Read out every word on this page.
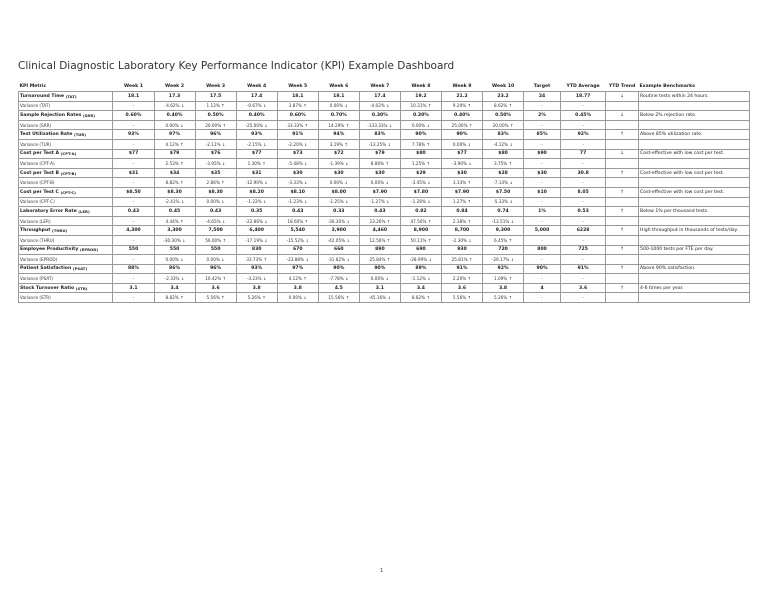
Clinical Diagnostic Laboratory Key Performance Indicator (KPI) Example Dashboard
KPI Metric	Week 1	Week 2	Week 3	Week 4	Week 5	Week 6	Week 7	Week 8	Week 9	Week 10	Target	YTD Average	YTD Trend	Example Benchmarks
Turnaround Time $^{(TAT)}$	18.1	17.3	17.5	17.4	18.1	18.1	17.4	19.2	21.2	23.2	24	18.77	↓	Routine tests within 24 hours.
Variance (TAT)	-	-4.62% ↓	1.12% ↑	-0.67% ↓	3.87% ↑	0.00% ↓	-4.02% ↓	10.31% ↑	9.29% ↑	8.62% ↑	-	-		
Sample Rejection Rates $^{(SRR)}$	0.60%	0.40%	0.50%	0.40%	0.60%	0.70%	0.30%	0.30%	0.40%	0.50%	2%	0.45%	↓	Below 2% rejection rate.
Variance (SRR)	-	0.00% ↓	20.00% ↑	-25.00% ↓	33.33% ↑	14.29% ↑	-133.33% ↓	0.00% ↓	25.00% ↑	20.00% ↑	-	-		
Test Utilization Rate $^{(TUR)}$	93%	97%	96%	93%	91%	94%	83%	90%	90%	83%	85%	92%	↑	Above 85% utilization rate.
Variance (TUR)	-	4.12% ↑	-2.11% ↓	-2.15% ↓	-2.20% ↓	3.19% ↑	-13.25% ↓	7.78% ↑	0.00% ↓	-4.12% ↓	-	-		
Cost per Test A $^{(CPT-A)}$	$77	$79	$76	$77	$73	$72	$79	$80	$77	$80	$90	77	↓	Cost-effective with low cost per test.
Variance (CPT-A)	-	2.53% ↑	-3.95% ↓	1.30% ↑	-5.48% ↓	-1.39% ↓	8.86% ↑	1.25% ↑	-3.90% ↓	3.75% ↑	-	-		
Cost per Test B $^{(CPT-B)}$	$31	$34	$35	$31	$30	$30	$30	$29	$30	$28	$30	30.8	↑	Cost-effective with low cost per test.
Variance (CPT-B)	-	8.82% ↑	2.86% ↑	-12.90% ↓	-3.33% ↓	0.00% ↓	0.00% ↓	-3.45% ↓	3.33% ↑	-7.14% ↓	-	-		
Cost per Test C $^{(CPT-C)}$	$8.50	$8.30	$8.30	$8.20	$8.10	$8.00	$7.90	$7.80	$7.90	$7.50	$10	8.05	↑	Cost-effective with low cost per test.
Variance (CPT-C)	-	-2.41% ↓	0.00% ↓	-1.22% ↓	-1.23% ↓	-1.25% ↓	-1.27% ↓	-1.28% ↓	1.27% ↑	-5.33% ↓	-	-		
Laboratory Error Rate $^{(LER)}$	0.43	0.45	0.43	0.35	0.43	0.33	0.43	0.82	0.84	0.74	1%	0.53	↑	Below 1% per thousand tests.
Variance (LER)	-	4.44% ↑	-4.65% ↓	-22.86% ↓	18.60% ↑	-30.30% ↓	23.26% ↑	47.56% ↑	2.38% ↑	-13.51% ↓	-	-		
Throughput $^{(THRU)}$	4,300	3,300	7,500	6,400	5,540	3,900	4,460	8,900	8,700	9,300	5,000	6228	↑	High throughput in thousands of tests/day.
Variance (THRU)	-	-30.30% ↓	56.00% ↑	-17.19% ↓	-15.52% ↓	-42.05% ↓	12.56% ↑	50.11% ↑	-2.30% ↓	6.45% ↑	-	-		
Employee Productivity $^{(EPROD)}$	550	550	550	830	670	660	890	690	930	720	800	725	↑	500-1000 tests per FTE per day.
Variance (EPROD)	-	0.00% ↓	0.00% ↓	33.73% ↑	-23.88% ↓	-31.82% ↓	25.84% ↑	-28.99% ↓	25.81% ↑	-29.17% ↓	-	-		
Patient Satisfaction $^{(PSAT)}$	88%	86%	96%	93%	97%	90%	90%	89%	91%	92%	90%	91%	↑	Above 90% satisfaction.
Variance (PSAT)	-	-2.33% ↓	10.42% ↑	-3.23% ↓	4.12% ↑	-7.78% ↓	0.00% ↓	-1.12% ↓	2.20% ↑	1.09% ↑	-	-		
Stock Turnover Ratio $^{(STR)}$	3.1	3.4	3.6	3.8	3.8	4.5	3.1	3.4	3.6	3.8	4	3.6	↑	4-6 times per year.
Variance (STR)	-	8.82% ↑	5.56% ↑	5.26% ↑	0.00% ↓	15.56% ↑	-45.16% ↓	8.82% ↑	5.56% ↑	5.26% ↑	-	-		
1
